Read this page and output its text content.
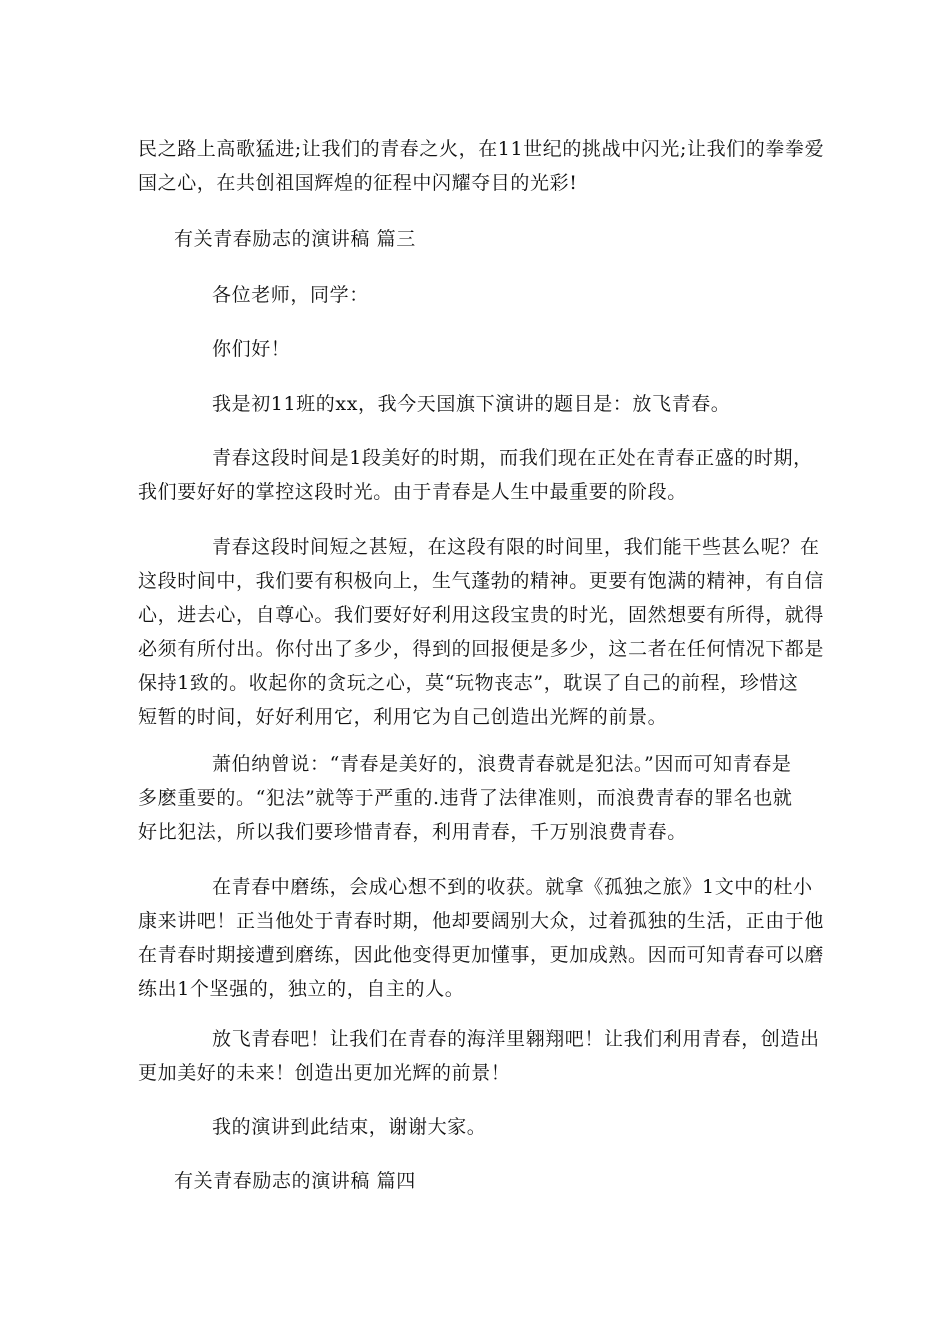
民之路上高歌猛进;让我们的青春之火，在11世纪的挑战中闪光;让我们的拳拳爱
国之心，在共创祖国辉煌的征程中闪耀夺目的光彩!
有关青春励志的演讲稿 篇三
各位老师，同学：
你们好！
我是初11班的xx，我今天国旗下演讲的题目是：放飞青春。
青春这段时间是1段美好的时期，而我们现在正处在青春正盛的时期，
我们要好好的掌控这段时光。由于青春是人生中最重要的阶段。
青春这段时间短之甚短，在这段有限的时间里，我们能干些甚么呢？在
这段时间中，我们要有积极向上，生气蓬勃的精神。更要有饱满的精神，有自信
心，进去心，自尊心。我们要好好利用这段宝贵的时光，固然想要有所得，就得
必须有所付出。你付出了多少，得到的回报便是多少，这二者在任何情况下都是
保持1致的。收起你的贪玩之心，莫“玩物丧志”，耽误了自己的前程，珍惜这
短暂的时间，好好利用它，利用它为自己创造出光辉的前景。
萧伯纳曾说：“青春是美好的，浪费青春就是犯法。”因而可知青春是
多麽重要的。“犯法”就等于严重的.违背了法律准则，而浪费青春的罪名也就
好比犯法，所以我们要珍惜青春，利用青春，千万别浪费青春。
在青春中磨练，会成心想不到的收获。就拿《孤独之旅》1文中的杜小
康来讲吧！正当他处于青春时期，他却要阔别大众，过着孤独的生活，正由于他
在青春时期接遭到磨练，因此他变得更加懂事，更加成熟。因而可知青春可以磨
练出1个坚强的，独立的，自主的人。
放飞青春吧！让我们在青春的海洋里翱翔吧！让我们利用青春，创造出
更加美好的未来！创造出更加光辉的前景！
我的演讲到此结束，谢谢大家。
有关青春励志的演讲稿 篇四
